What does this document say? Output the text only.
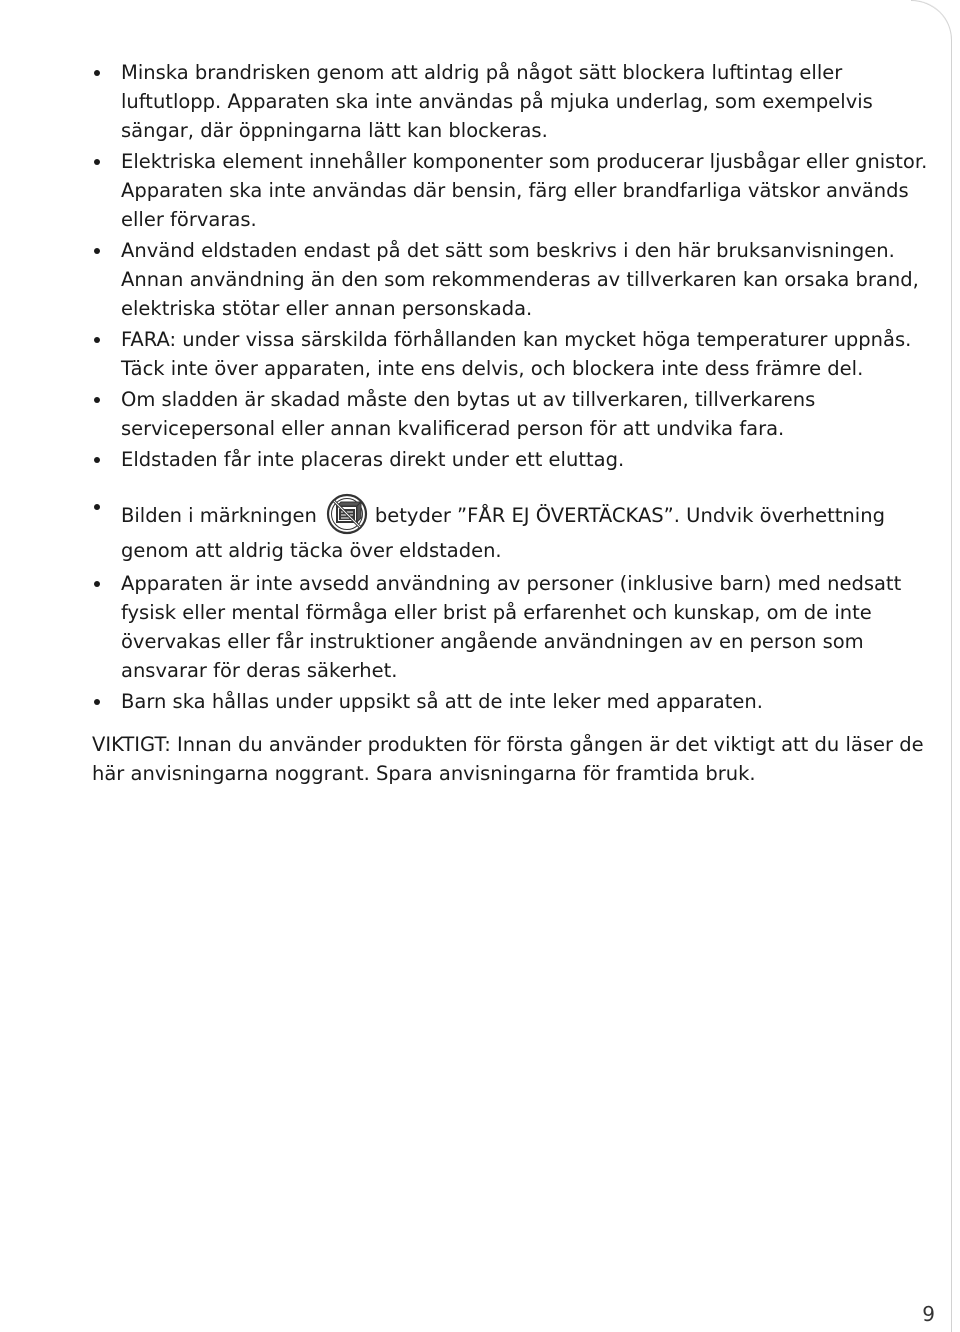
Minska brandrisken genom att aldrig på något sätt blockera luftintag eller luftutlopp. Apparaten ska inte användas på mjuka underlag, som exempelvis sängar, där öppningarna lätt kan blockeras.
Elektriska element innehåller komponenter som producerar ljusbågar eller gnistor. Apparaten ska inte användas där bensin, färg eller brandfarliga vätskor används eller förvaras.
Använd eldstaden endast på det sätt som beskrivs i den här bruksanvisningen. Annan användning än den som rekommenderas av tillverkaren kan orsaka brand, elektriska stötar eller annan personskada.
FARA: under vissa särskilda förhållanden kan mycket höga temperaturer uppnås. Täck inte över apparaten, inte ens delvis, och blockera inte dess främre del.
Om sladden är skadad måste den bytas ut av tillverkaren, tillverkarens servicepersonal eller annan kvalificerad person för att undvika fara.
Eldstaden får inte placeras direkt under ett eluttag.
Bilden i märkningen	betyder ”FÅR EJ ÖVERTÄCKAS”. Undvik överhettning genom att aldrig täcka över eldstaden.
Apparaten är inte avsedd användning av personer (inklusive barn) med nedsatt fysisk eller mental förmåga eller brist på erfarenhet och kunskap, om de inte övervakas eller får instruktioner angående användningen av en person som ansvarar för deras säkerhet.
Barn ska hållas under uppsikt så att de inte leker med apparaten.

VIKTIGT: Innan du använder produkten för första gången är det viktigt att du läser de här anvisningarna noggrant. Spara anvisningarna för framtida bruk.

9
